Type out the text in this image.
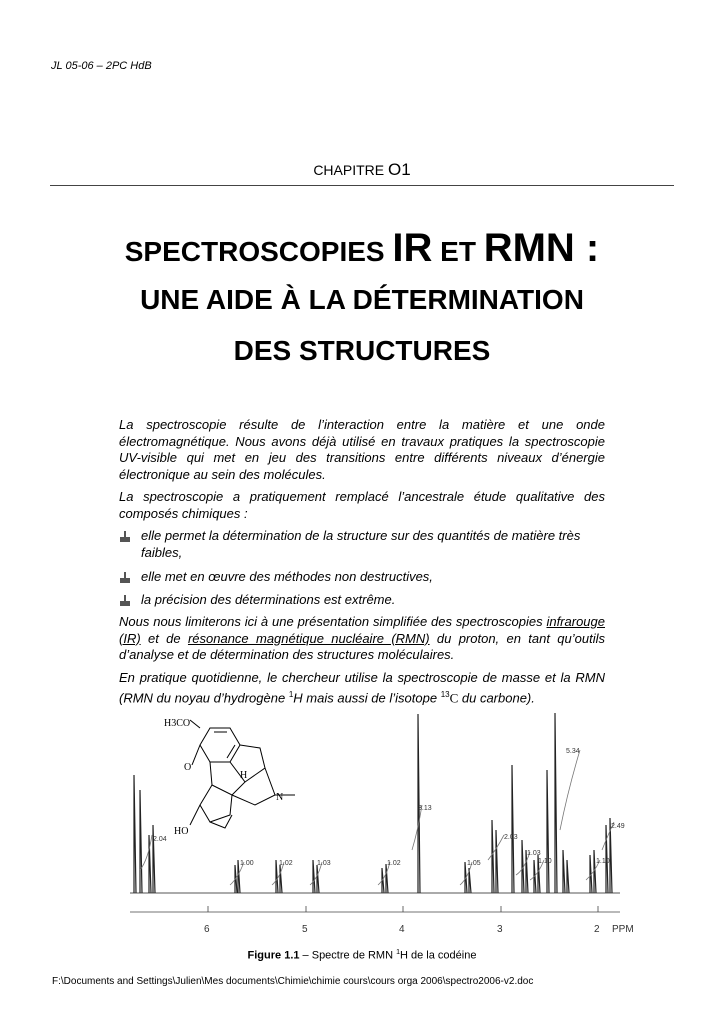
JL 05-06 – 2PC HdB
CHAPITRE O1
SPECTROSCOPIES IR ET RMN :
UNE AIDE À LA DÉTERMINATION
DES STRUCTURES
La spectroscopie résulte de l’interaction entre la matière et une onde électromagnétique. Nous avons déjà utilisé en travaux pratiques la spectroscopie UV-visible qui met en jeu des transitions entre différents niveaux d’énergie électronique au sein des molécules.
La spectroscopie a pratiquement remplacé l’ancestrale étude qualitative des composés chimiques :
elle permet la détermination de la structure sur des quantités de matière très faibles,
elle met en œuvre des méthodes non destructives,
la précision des déterminations est extrême.
Nous nous limiterons ici à une présentation simplifiée des spectroscopies infrarouge (IR) et de résonance magnétique nucléaire (RMN) du proton, en tant qu’outils d’analyse et de détermination des structures moléculaires.
En pratique quotidienne, le chercheur utilise la spectroscopie de masse et la RMN (RMN du noyau d’hydrogène $^1$H mais aussi de l’isotope $^{13}$C du carbone).
2.04
1.00	1.02	1.03	1.02
3.13
1.05
2.03
1.03
1.10
5.34
1.10
2.49
6	5	4	3	2 PPM
H3CO
O
H
N
HO
Figure 1.1 – Spectre de RMN $^1$H de la codéine
F:\Documents and Settings\Julien\Mes documents\Chimie\chimie cours\cours orga 2006\spectro2006-v2.doc
